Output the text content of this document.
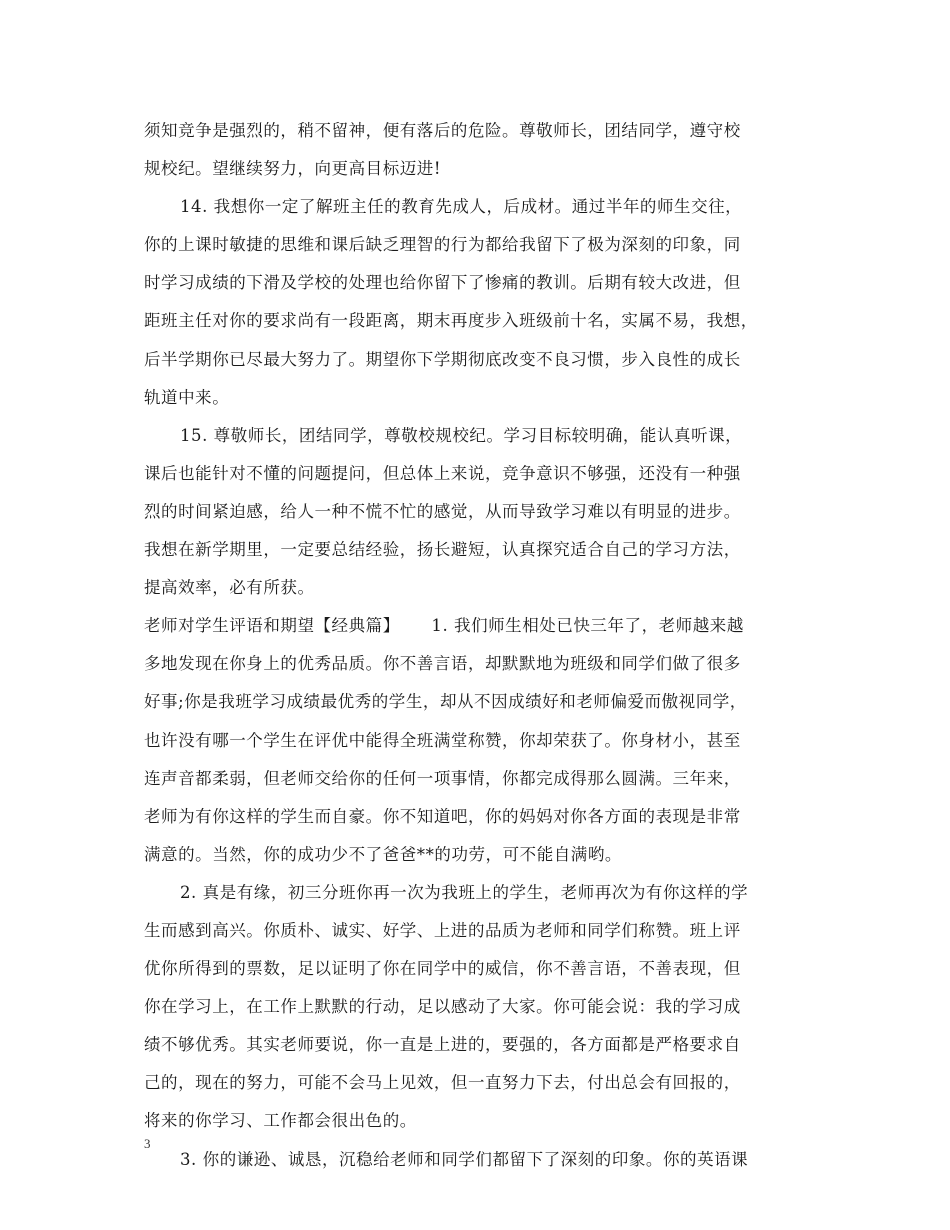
须知竞争是强烈的，稍不留神，便有落后的危险。尊敬师长，团结同学，遵守校
规校纪。望继续努力，向更高目标迈进!
14. 我想你一定了解班主任的教育先成人，后成材。通过半年的师生交往，
你的上课时敏捷的思维和课后缺乏理智的行为都给我留下了极为深刻的印象，同
时学习成绩的下滑及学校的处理也给你留下了惨痛的教训。后期有较大改进，但
距班主任对你的要求尚有一段距离，期末再度步入班级前十名，实属不易，我想，
后半学期你已尽最大努力了。期望你下学期彻底改变不良习惯，步入良性的成长
轨道中来。
15. 尊敬师长，团结同学，尊敬校规校纪。学习目标较明确，能认真听课，
课后也能针对不懂的问题提问，但总体上来说，竞争意识不够强，还没有一种强
烈的时间紧迫感，给人一种不慌不忙的感觉，从而导致学习难以有明显的进步。
我想在新学期里，一定要总结经验，扬长避短，认真探究适合自己的学习方法，
提高效率，必有所获。
老师对学生评语和期望【经典篇】　　 1. 我们师生相处已快三年了，老师越来越
多地发现在你身上的优秀品质。你不善言语，却默默地为班级和同学们做了很多
好事;你是我班学习成绩最优秀的学生，却从不因成绩好和老师偏爱而傲视同学，
也许没有哪一个学生在评优中能得全班满堂称赞，你却荣获了。你身材小，甚至
连声音都柔弱，但老师交给你的任何一项事情，你都完成得那么圆满。三年来，
老师为有你这样的学生而自豪。你不知道吧，你的妈妈对你各方面的表现是非常
满意的。当然，你的成功少不了爸爸**的功劳，可不能自满哟。
2. 真是有缘，初三分班你再一次为我班上的学生，老师再次为有你这样的学
生而感到高兴。你质朴、诚实、好学、上进的品质为老师和同学们称赞。班上评
优你所得到的票数，足以证明了你在同学中的威信，你不善言语，不善表现，但
你在学习上，在工作上默默的行动，足以感动了大家。你可能会说：我的学习成
绩不够优秀。其实老师要说，你一直是上进的，要强的，各方面都是严格要求自
己的，现在的努力，可能不会马上见效，但一直努力下去，付出总会有回报的，
将来的你学习、工作都会很出色的。
3. 你的谦逊、诚恳，沉稳给老师和同学们都留下了深刻的印象。你的英语课
3
